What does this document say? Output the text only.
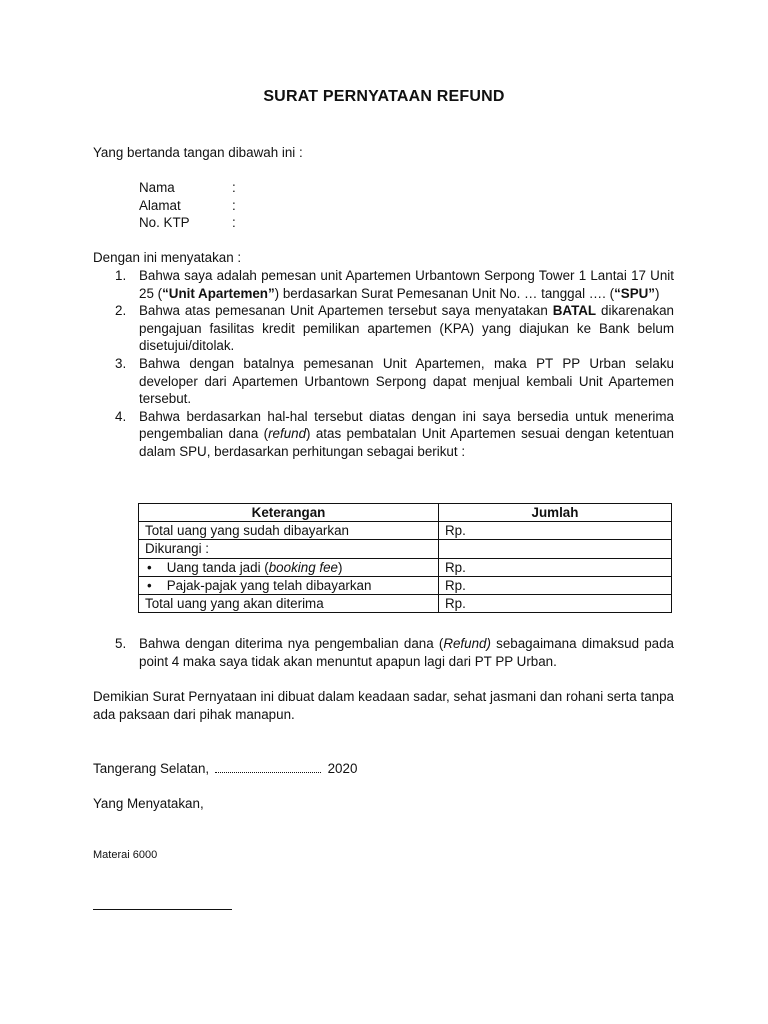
SURAT PERNYATAAN REFUND
Yang bertanda tangan dibawah ini :
Nama	:
Alamat	:
No. KTP	:
Dengan ini menyatakan :
1. Bahwa saya adalah pemesan unit Apartemen Urbantown Serpong Tower 1 Lantai 17 Unit 25 (“Unit Apartemen”) berdasarkan Surat Pemesanan Unit No. … tanggal …. (“SPU”)
2. Bahwa atas pemesanan Unit Apartemen tersebut saya menyatakan BATAL dikarenakan pengajuan fasilitas kredit pemilikan apartemen (KPA) yang diajukan ke Bank belum disetujui/ditolak.
3. Bahwa dengan batalnya pemesanan Unit Apartemen, maka PT PP Urban selaku developer dari Apartemen Urbantown Serpong dapat menjual kembali Unit Apartemen tersebut.
4. Bahwa berdasarkan hal-hal tersebut diatas dengan ini saya bersedia untuk menerima pengembalian dana (refund) atas pembatalan Unit Apartemen sesuai dengan ketentuan dalam SPU, berdasarkan perhitungan sebagai berikut :
Keterangan	Jumlah
Total uang yang sudah dibayarkan	Rp.
Dikurangi :	
• Uang tanda jadi (booking fee)	Rp.
• Pajak-pajak yang telah dibayarkan	Rp.
Total uang yang akan diterima	Rp.
5. Bahwa dengan diterima nya pengembalian dana (Refund) sebagaimana dimaksud pada point 4 maka saya tidak akan menuntut apapun lagi dari PT PP Urban.
Demikian Surat Pernyataan ini dibuat dalam keadaan sadar, sehat jasmani dan rohani serta tanpa ada paksaan dari pihak manapun.
Tangerang Selatan,	2020
Yang Menyatakan,
Materai 6000
